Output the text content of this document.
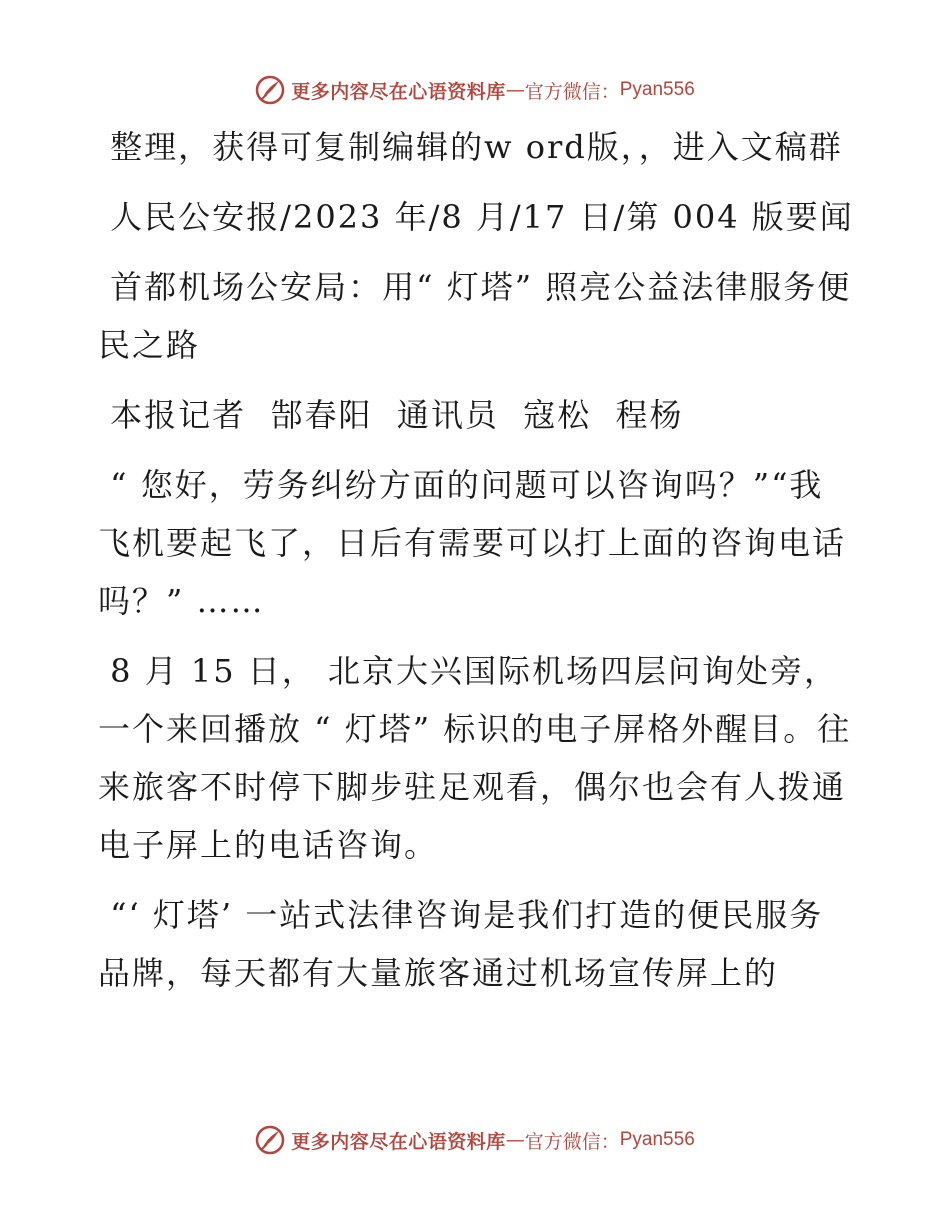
更多内容尽在心语资料库 — 官方微信： Pyan556

整理，获得可复制编辑的w ord版，，进入文稿群

人民公安报/2023 年/8 月/17 日/第 004 版要闻

首都机场公安局：用“ 灯塔” 照亮公益法律服务便民之路

本报记者  郜春阳  通讯员  寇松  程杨

“ 您好，劳务纠纷方面的问题可以咨询吗？”“我飞机要起飞了，日后有需要可以打上面的咨询电话吗？” ……

8 月 15 日， 北京大兴国际机场四层问询处旁，一个来回播放 “ 灯塔” 标识的电子屏格外醒目。往来旅客不时停下脚步驻足观看，偶尔也会有人拨通电子屏上的电话咨询。

“‘ 灯塔’ 一站式法律咨询是我们打造的便民服务品牌，每天都有大量旅客通过机场宣传屏上的

更多内容尽在心语资料库 — 官方微信： Pyan556
